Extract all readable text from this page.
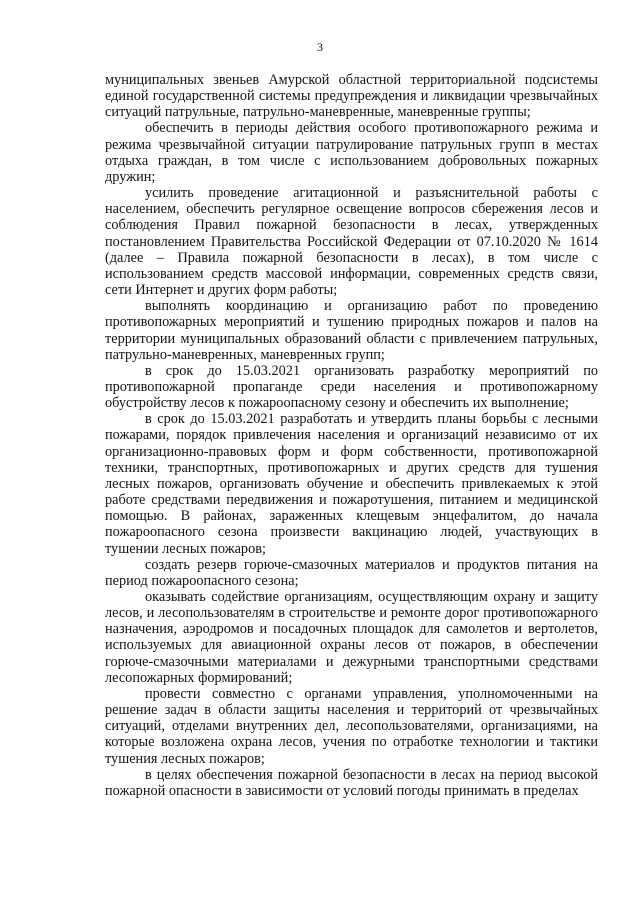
3

муниципальных звеньев Амурской областной территориальной подсистемы единой государственной системы предупреждения и ликвидации чрезвычайных ситуаций патрульные, патрульно-маневренные, маневренные группы;

обеспечить в периоды действия особого противопожарного режима и режима чрезвычайной ситуации патрулирование патрульных групп в местах отдыха граждан, в том числе с использованием добровольных пожарных дружин;

усилить проведение агитационной и разъяснительной работы с населением, обеспечить регулярное освещение вопросов сбережения лесов и соблюдения Правил пожарной безопасности в лесах, утвержденных постановлением Правительства Российской Федерации от 07.10.2020 № 1614 (далее – Правила пожарной безопасности в лесах), в том числе с использованием средств массовой информации, современных средств связи, сети Интернет и других форм работы;

выполнять координацию и организацию работ по проведению противопожарных мероприятий и тушению природных пожаров и палов на территории муниципальных образований области с привлечением патрульных, патрульно-маневренных, маневренных групп;

в срок до 15.03.2021 организовать разработку мероприятий по противопожарной пропаганде среди населения и противопожарному обустройству лесов к пожароопасному сезону и обеспечить их выполнение;

в срок до 15.03.2021 разработать и утвердить планы борьбы с лесными пожарами, порядок привлечения населения и организаций независимо от их организационно-правовых форм и форм собственности, противопожарной техники, транспортных, противопожарных и других средств для тушения лесных пожаров, организовать обучение и обеспечить привлекаемых к этой работе средствами передвижения и пожаротушения, питанием и медицинской помощью. В районах, зараженных клещевым энцефалитом, до начала пожароопасного сезона произвести вакцинацию людей, участвующих в тушении лесных пожаров;

создать резерв горюче-смазочных материалов и продуктов питания на период пожароопасного сезона;

оказывать содействие организациям, осуществляющим охрану и защиту лесов, и лесопользователям в строительстве и ремонте дорог противопожарного назначения, аэродромов и посадочных площадок для самолетов и вертолетов, используемых для авиационной охраны лесов от пожаров, в обеспечении горюче-смазочными материалами и дежурными транспортными средствами лесопожарных формирований;

провести совместно с органами управления, уполномоченными на решение задач в области защиты населения и территорий от чрезвычайных ситуаций, отделами внутренних дел, лесопользователями, организациями, на которые возложена охрана лесов, учения по отработке технологии и тактики тушения лесных пожаров;

в целях обеспечения пожарной безопасности в лесах на период высокой пожарной опасности в зависимости от условий погоды принимать в пределах
